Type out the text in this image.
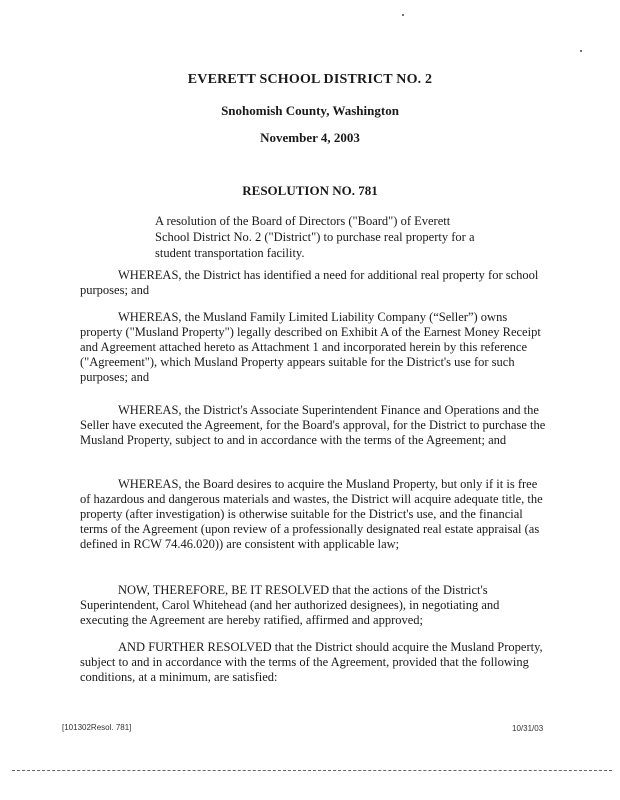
EVERETT SCHOOL DISTRICT NO. 2
Snohomish County, Washington
November 4, 2003
RESOLUTION NO. 781
A resolution of the Board of Directors ("Board") of Everett School District No. 2 ("District") to purchase real property for a student transportation facility.
WHEREAS, the District has identified a need for additional real property for school purposes; and
WHEREAS, the Musland Family Limited Liability Company (“Seller”) owns property ("Musland Property") legally described on Exhibit A of the Earnest Money Receipt and Agreement attached hereto as Attachment 1 and incorporated herein by this reference ("Agreement"), which Musland Property appears suitable for the District's use for such purposes; and
WHEREAS, the District's Associate Superintendent Finance and Operations and the Seller have executed the Agreement, for the Board's approval, for the District to purchase the Musland Property, subject to and in accordance with the terms of the Agreement; and
WHEREAS, the Board desires to acquire the Musland Property, but only if it is free of hazardous and dangerous materials and wastes, the District will acquire adequate title, the property (after investigation) is otherwise suitable for the District's use, and the financial terms of the Agreement (upon review of a professionally designated real estate appraisal (as defined in RCW 74.46.020)) are consistent with applicable law;
NOW, THEREFORE, BE IT RESOLVED that the actions of the District's Superintendent, Carol Whitehead (and her authorized designees), in negotiating and executing the Agreement are hereby ratified, affirmed and approved;
AND FURTHER RESOLVED that the District should acquire the Musland Property, subject to and in accordance with the terms of the Agreement, provided that the following conditions, at a minimum, are satisfied:
[101302Resol. 781]	10/31/03
